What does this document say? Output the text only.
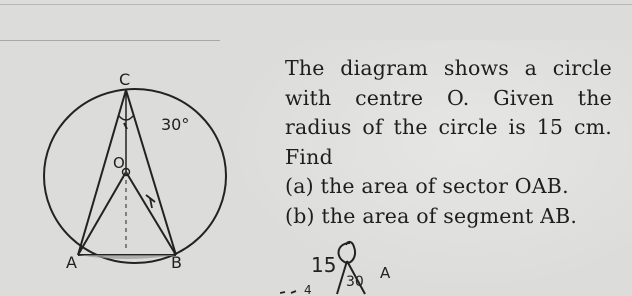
C
30°
O
A	B
The diagram shows a circle
with centre O. Given the
radius of the circle is 15 cm.
Find
(a) the area of sector OAB.
(b) the area of segment AB.
15
30 A
4
